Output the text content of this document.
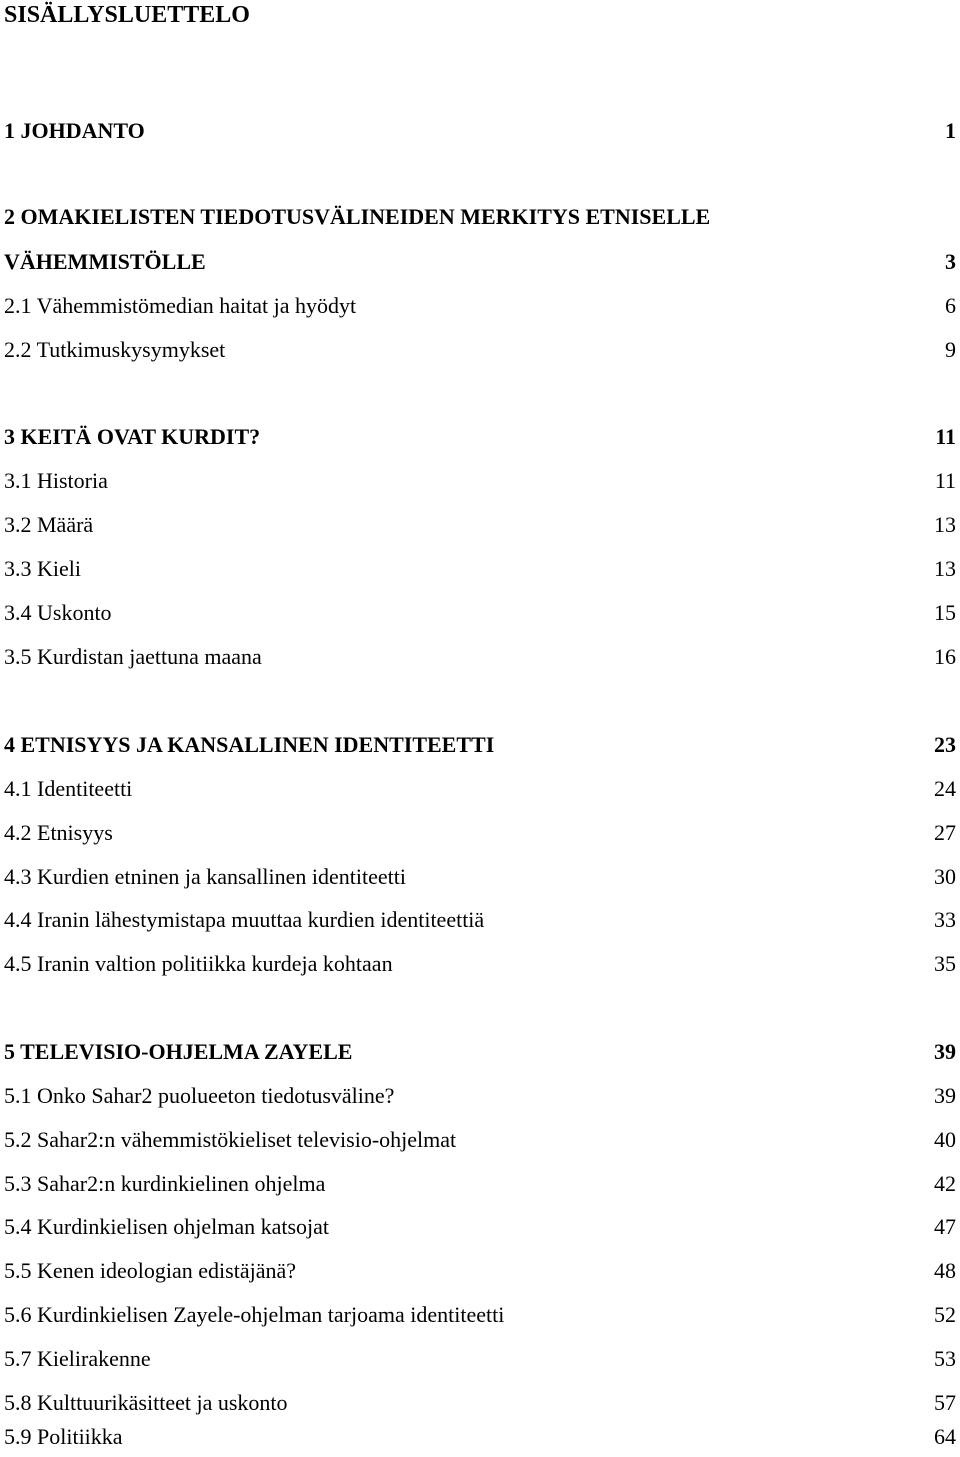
SISÄLLYSLUETTELO
1 JOHDANTO	1
2 OMAKIELISTEN TIEDOTUSVÄLINEIDEN MERKITYS ETNISELLE
VÄHEMMISTÖLLE	3
2.1 Vähemmistömedian haitat ja hyödyt	6
2.2 Tutkimuskysymykset	9
3 KEITÄ OVAT KURDIT?	11
3.1 Historia	11
3.2 Määrä	13
3.3 Kieli	13
3.4 Uskonto	15
3.5 Kurdistan jaettuna maana	16
4 ETNISYYS JA KANSALLINEN IDENTITEETTI	23
4.1 Identiteetti	24
4.2 Etnisyys	27
4.3 Kurdien etninen ja kansallinen identiteetti	30
4.4 Iranin lähestymistapa muuttaa kurdien identiteettiä	33
4.5 Iranin valtion politiikka kurdeja kohtaan	35
5 TELEVISIO-OHJELMA ZAYELE	39
5.1 Onko Sahar2 puolueeton tiedotusväline?	39
5.2 Sahar2:n vähemmistökieliset televisio-ohjelmat	40
5.3 Sahar2:n kurdinkielinen ohjelma	42
5.4 Kurdinkielisen ohjelman katsojat	47
5.5 Kenen ideologian edistäjänä?	48
5.6 Kurdinkielisen Zayele-ohjelman tarjoama identiteetti	52
5.7 Kielirakenne	53
5.8 Kulttuurikäsitteet ja uskonto	57
5.9 Politiikka	64
